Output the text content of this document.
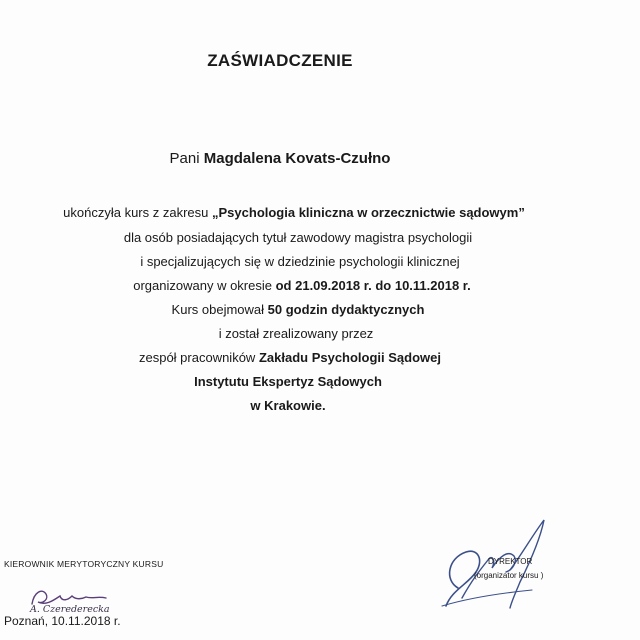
ZAŚWIADCZENIE
Pani Magdalena Kovats-Czułno
ukończyła kurs z zakresu „Psychologia kliniczna w orzecznictwie sądowym”
dla osób posiadających tytuł zawodowy magistra psychologii
i specjalizujących się w dziedzinie psychologii klinicznej
organizowany w okresie od 21.09.2018 r. do 10.11.2018 r.
Kurs obejmował 50 godzin dydaktycznych
i został zrealizowany przez
zespół pracowników Zakładu Psychologii Sądowej
Instytutu Ekspertyz Sądowych
w Krakowie.
KIEROWNIK MERYTORYCZNY KURSU
A. Czerederecka
Poznań, 10.11.2018 r.
DYREKTOR
(organizator kursu )
